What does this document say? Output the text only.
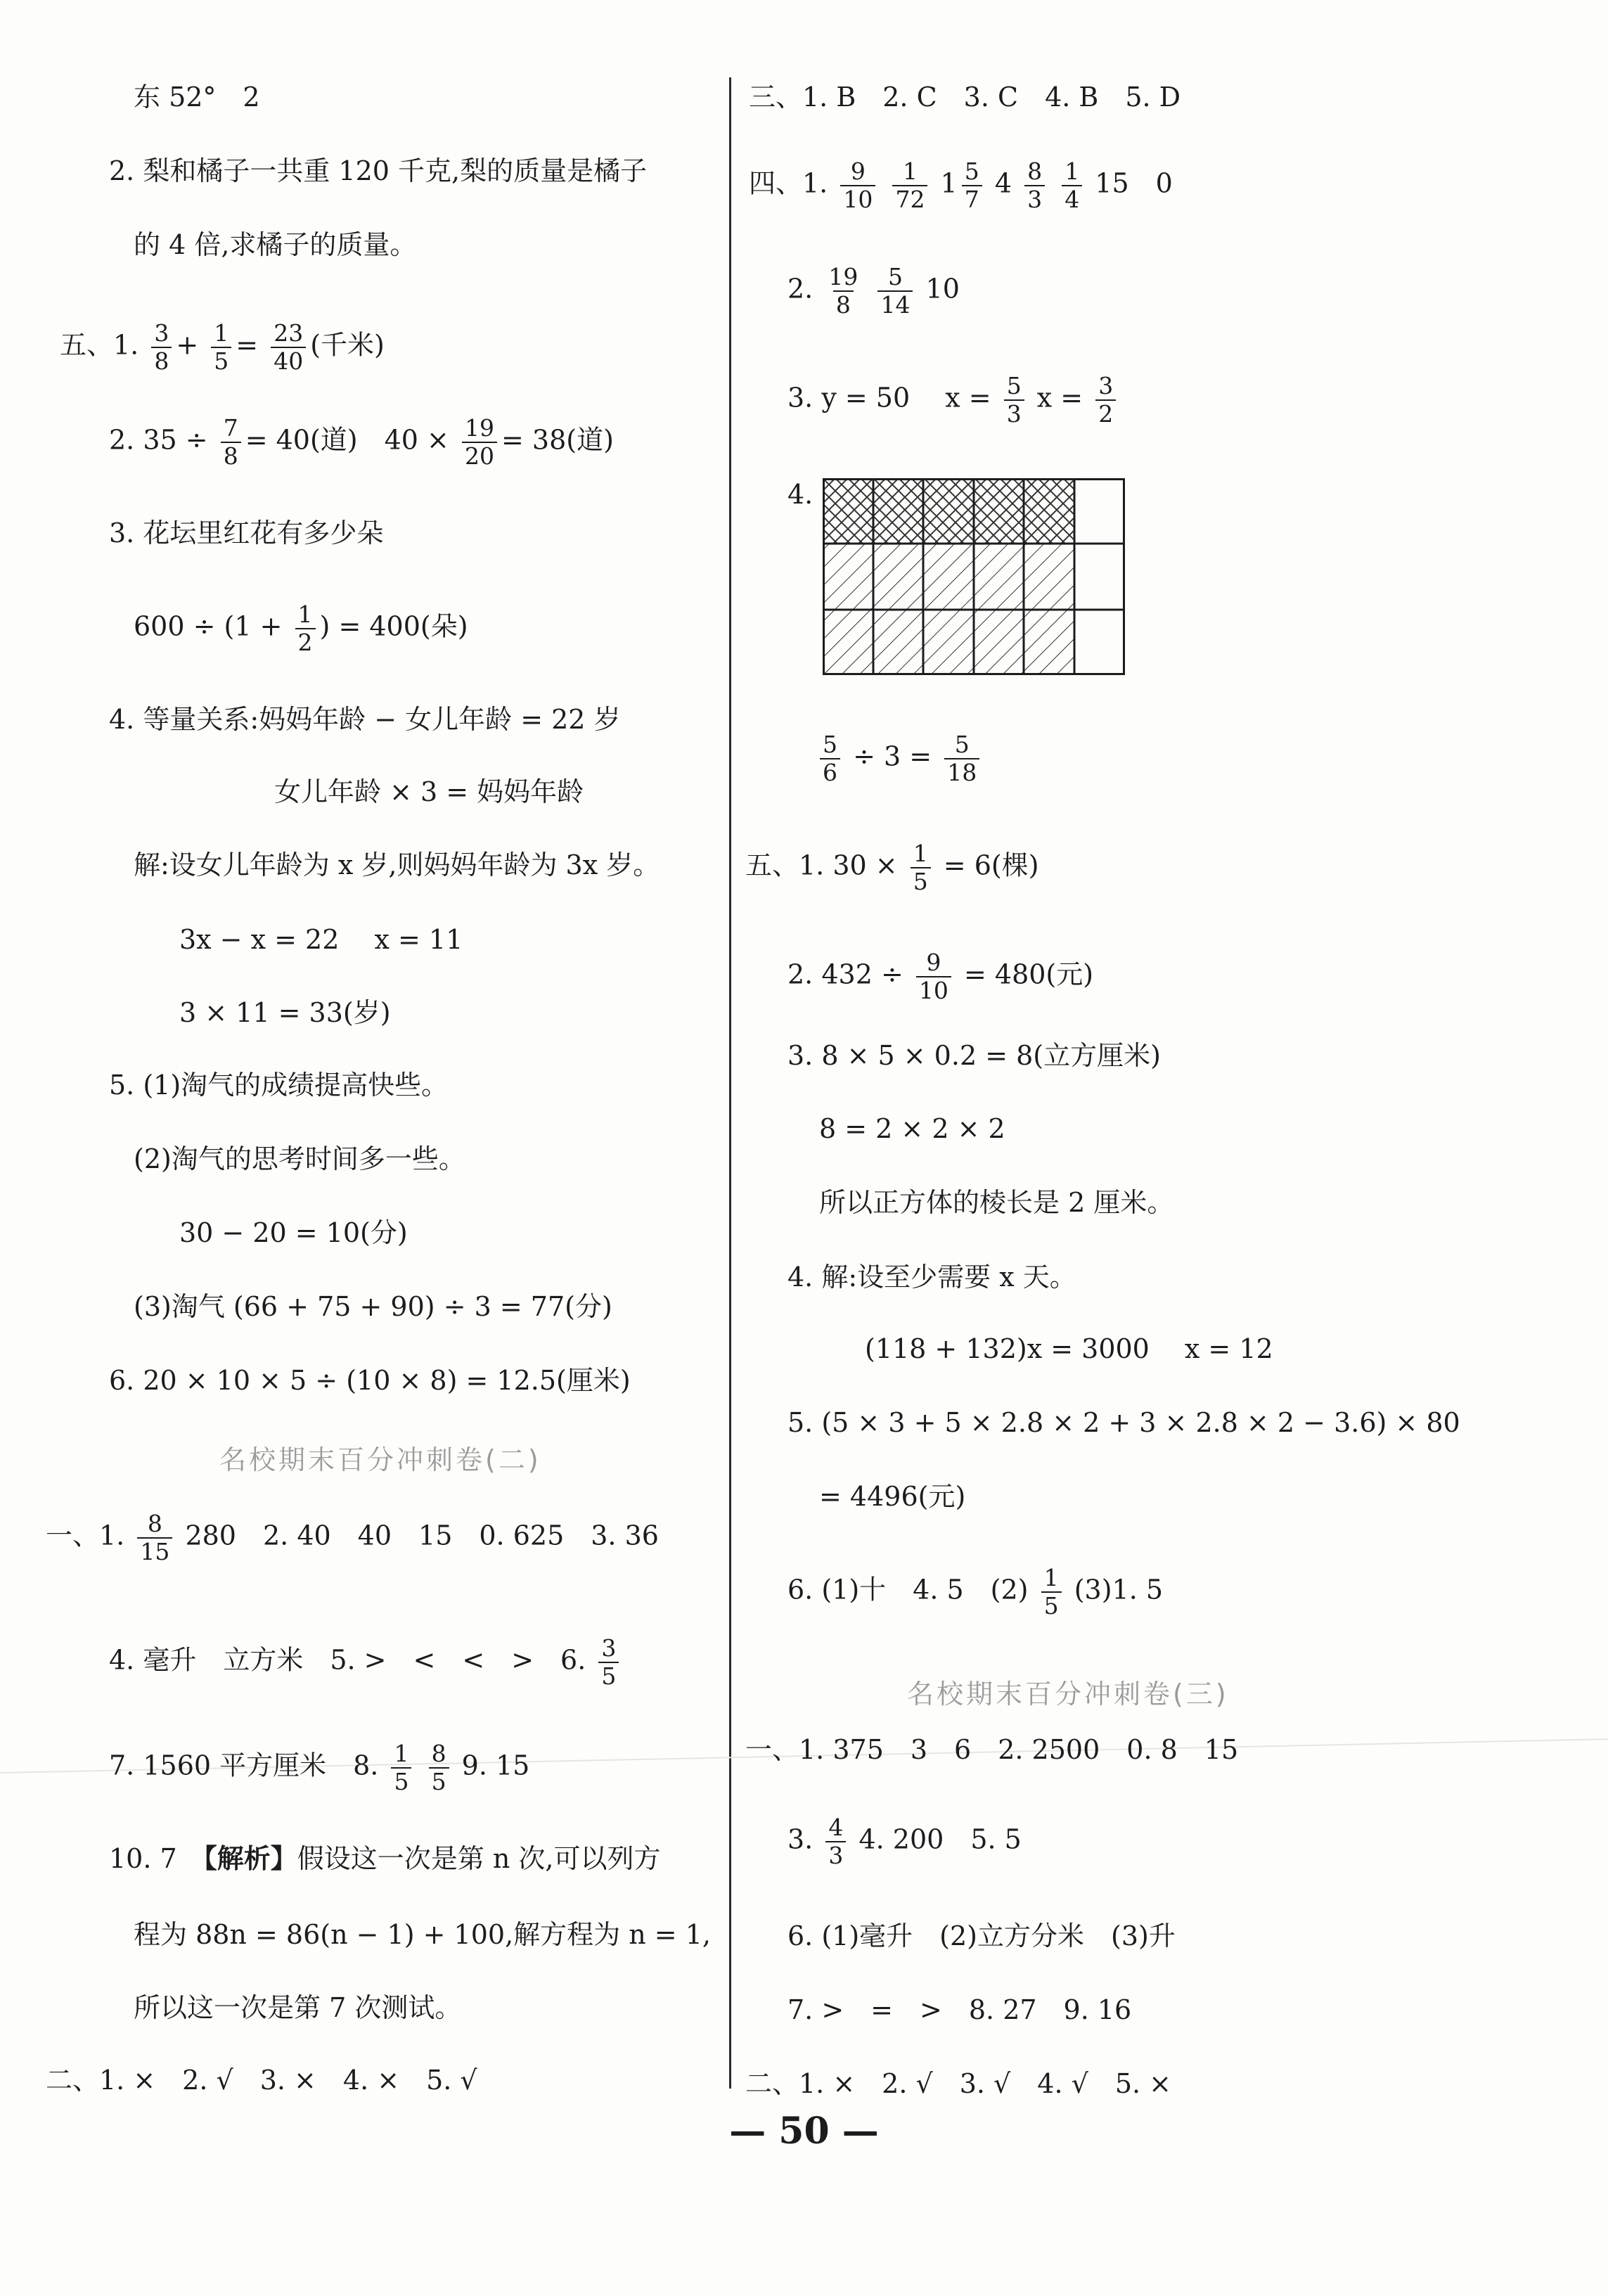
东 52°　2
2. 梨和橘子一共重 120 千克,梨的质量是橘子
的 4 倍,求橘子的质量。
五、1. $\frac{3}{8} + \frac{1}{5} = \frac{23}{40}$ (千米)
2. $35 \div \frac{7}{8} = 40$(道)　$40 \times \frac{19}{20} = 38$(道)
3. 花坛里红花有多少朵
$600 \div (1 + \frac{1}{2}$ ) = 400(朵)
4. 等量关系:妈妈年龄 − 女儿年龄 = 22 岁
女儿年龄 × 3 = 妈妈年龄
解:设女儿年龄为 x 岁,则妈妈年龄为 3x 岁。
3x − x = 22　 x = 11
3 × 11 = 33(岁)
5. (1)淘气的成绩提高快些。
(2)淘气的思考时间多一些。
30 − 20 = 10(分)
(3)淘气 (66 + 75 + 90) ÷ 3 = 77(分)
6. 20 × 10 × 5 ÷ (10 × 8) = 12.5(厘米)
名校期末百分冲刺卷(二)
一、1. $\frac{8}{15} 280$　2. 40　40　15　0. 625　3. 36
4. 毫升　立方米　5. >　<　<　>　6. $\frac{3}{5}$
7. 1560 平方厘米　8. $\frac{1}{5}$
$\frac{8}{5} 9$. 15
10. 7　 【解析】假设这一次是第 n 次,可以列方
程为 88n = 86(n − 1) + 100,解方程为 n = 1,
所以这一次是第 7 次测试。
二、1. ×　2. √　3. ×　4. ×　5. √
三、1. B　2. C　3. C　4. B　5. D
四、1. $\frac{9}{10}$
$\frac{1}{72} 1 \frac{5}{7} 4 \frac{8}{3}$
$\frac{1}{4} 15$　0
2. $\frac{19}{8}$
$\frac{5}{14} 10$
3. y = 50　 $x = \frac{5}{3}$ $x = \frac{3}{2}$
4.
$\frac{5}{6} \div 3 = \frac{5}{18}$
五、1. $30 \times \frac{1}{5} = 6$(棵)
2. $432 \div \frac{9}{10} = 480$(元)
3. 8 × 5 × 0.2 = 8(立方厘米)
8 = 2 × 2 × 2
所以正方体的棱长是 2 厘米。
4. 解:设至少需要 x 天。
(118 + 132)x = 3000　 x = 12
5. (5 × 3 + 5 × 2.8 × 2 + 3 × 2.8 × 2 − 3.6) × 80
= 4496(元)
6. (1)十　4. 5　$(2) \frac{1}{5} (3)1$. 5
名校期末百分冲刺卷(三)
一、1. 375　3　6　2. 2500　0. 8　15
3. $\frac{4}{3} 4$. 200　5. 5
6. (1)毫升　(2)立方分米　(3)升
7. >　=　>　8. 27　9. 16
二、1. ×　2. √　3. √　4. √　5. ×
— 50 —
